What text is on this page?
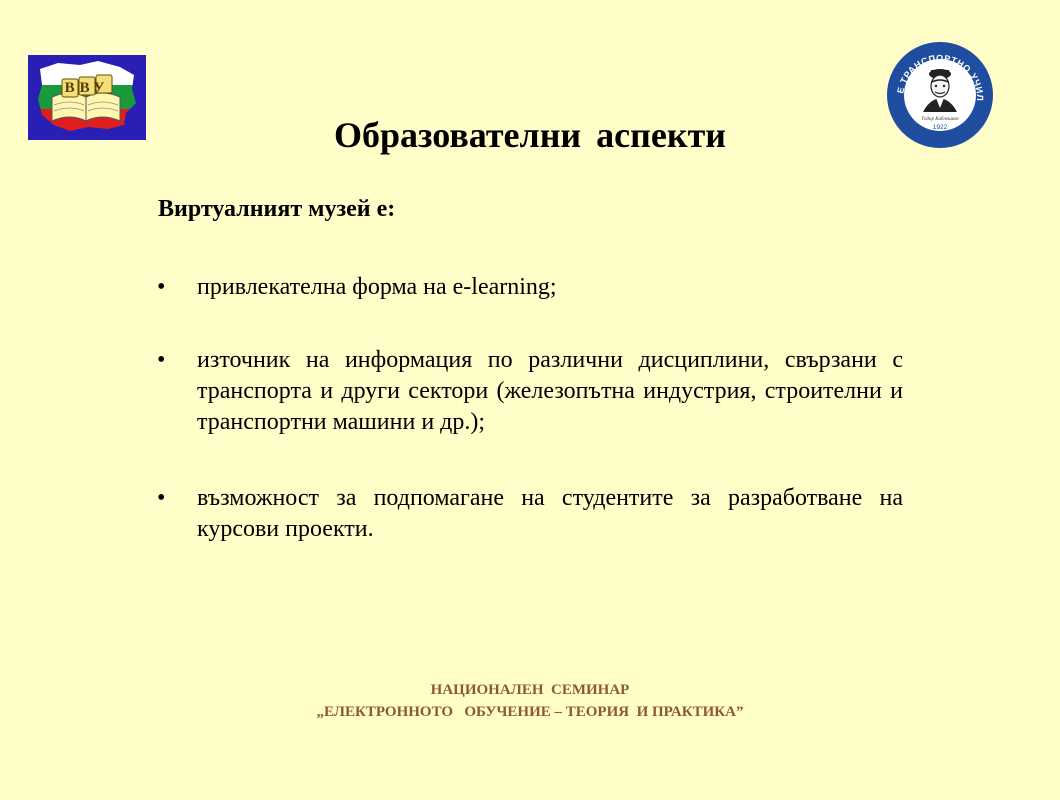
ВВУ	Е ТРАНСПОРТНО УЧИЛ
Тодор Каблешков
1922
Образователни аспекти

Виртуалният музей е:

• привлекателна форма на e-learning;
• източник на информация по различни дисциплини, свързани с транспорта и други сектори (железопътна индустрия, строителни и транспортни машини и др.);
• възможност за подпомагане на студентите за разработване на курсови проекти.
НАЦИОНАЛЕН  СЕМИНАР
„ЕЛЕКТРОННОТО   ОБУЧЕНИЕ – ТЕОРИЯ  И ПРАКТИКА”
